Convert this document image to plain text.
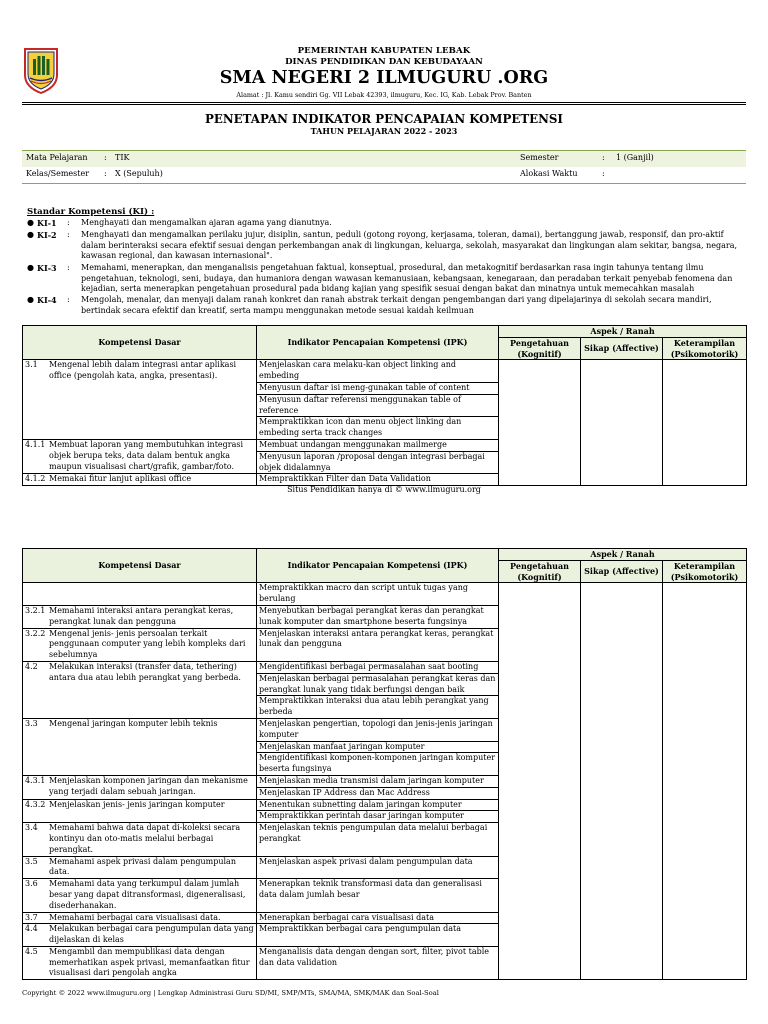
PEMERINTAH KABUPATEN LEBAK
DINAS PENDIDIKAN DAN KEBUDAYAAN
SMA NEGERI 2 ILMUGURU .ORG
Alamat : Jl. Kamu sendiri Gg. VII Lebak 42393, ilmuguru, Kec. IG, Kab. Lebak Prov. Banten
PENETAPAN INDIKATOR PENCAPAIAN KOMPETENSI
TAHUN PELAJARAN 2022 - 2023
Mata Pelajaran : TIK	Semester	: 1 (Ganjil)
Kelas/Semester : X (Sepuluh)	Alokasi Waktu	:
Standar Kompetensi (KI) :
● KI-1 : Menghayati dan mengamalkan ajaran agama yang dianutnya.
● KI-2 : Menghayati dan mengamalkan perilaku jujur, disiplin, santun, peduli (gotong royong, kerjasama, toleran, damai), bertanggung jawab, responsif, dan pro-aktif dalam berinteraksi secara efektif sesuai dengan perkembangan anak di lingkungan, keluarga, sekolah, masyarakat dan lingkungan alam sekitar, bangsa, negara, kawasan regional, dan kawasan internasional".
● KI-3 : Memahami, menerapkan, dan menganalisis pengetahuan faktual, konseptual, prosedural, dan metakognitif berdasarkan rasa ingin tahunya tentang ilmu pengetahuan, teknologi, seni, budaya, dan humaniora dengan wawasan kemanusiaan, kebangsaan, kenegaraan, dan peradaban terkait penyebab fenomena dan kejadian, serta menerapkan pengetahuan prosedural pada bidang kajian yang spesifik sesuai dengan bakat dan minatnya untuk memecahkan masalah
● KI-4 : Mengolah, menalar, dan menyaji dalam ranah konkret dan ranah abstrak terkait dengan pengembangan dari yang dipelajarinya di sekolah secara mandiri, bertindak secara efektif dan kreatif, serta mampu menggunakan metode sesuai kaidah keilmuan
Kompetensi Dasar	Indikator Pencapaian Kompetensi (IPK)	Aspek / Ranah		
		Pengetahuan (Kognitif)	Sikap (Affective)	Keterampilan (Psikomotorik)

3.1 Mengenal lebih dalam integrasi antar aplikasi office (pengolah kata, angka, presentasi).	Menjelaskan cara melaku-kan object linking and embeding			
	Menyusun daftar isi meng-gunakan table of content			
	Menyusun daftar referensi menggunakan table of reference			
	Mempraktikkan icon dan menu object linking dan embeding serta track changes			

4.1.1 Membuat laporan yang membutuhkan integrasi objek berupa teks, data dalam bentuk angka maupun visualisasi chart/grafik, gambar/foto.	Membuat undangan menggunakan mailmerge			
	Menyusun laporan /proposal dengan integrasi berbagai objek didalamnya			

4.1.2 Memakai fitur lanjut aplikasi office	Mempraktikkan Filter dan Data Validation			
Situs Pendidikan hanya di © www.ilmuguru.org
Kompetensi Dasar	Indikator Pencapaian Kompetensi (IPK)	Aspek / Ranah		
		Pengetahuan (Kognitif)	Sikap (Affective)	Keterampilan (Psikomotorik)

	Mempraktikkan macro dan script untuk tugas yang berulang			

3.2.1 Memahami interaksi antara perangkat keras, perangkat lunak dan pengguna	Menyebutkan berbagai perangkat keras dan perangkat lunak komputer dan smartphone beserta fungsinya			

3.2.2 Mengenal jenis- jenis persoalan terkait penggunaan computer yang lebih kompleks dari sebelumnya	Menjelaskan interaksi antara perangkat keras, perangkat lunak dan pengguna			

4.2 Melakukan interaksi (transfer data, tethering) antara dua atau lebih perangkat yang berbeda.	Mengidentifikasi berbagai permasalahan saat booting			
	Menjelaskan berbagai permasalahan perangkat keras dan perangkat lunak yang tidak berfungsi dengan baik			
	Mempraktikkan interaksi dua atau lebih perangkat yang berbeda			

3.3 Mengenal jaringan komputer lebih teknis	Menjelaskan pengertian, topologi dan jenis-jenis jaringan komputer			
	Menjelaskan manfaat jaringan komputer			
	Mengidentifikasi komponen-komponen jaringan komputer beserta fungsinya			

4.3.1 Menjelaskan komponen jaringan dan mekanisme yang terjadi dalam sebuah jaringan.	Menjelaskan media transmisi dalam jaringan komputer			
	Menjelaskan IP Address dan Mac Address			

4.3.2 Menjelaskan jenis- jenis jaringan komputer	Menentukan subnetting dalam jaringan komputer			
	Mempraktikkan perintah dasar jaringan komputer			

3.4 Memahami bahwa data dapat di-koleksi secara kontinyu dan oto-matis melalui berbagai perangkat.	Menjelaskan teknis pengumpulan data melalui berbagai perangkat			

3.5 Memahami aspek privasi dalam pengumpulan data.	Menjelaskan aspek privasi dalam pengumpulan data			

3.6 Memahami data yang terkumpul dalam jumlah besar yang dapat ditransformasi, digeneralisasi, disederhanakan.	Menerapkan teknik transformasi data dan generalisasi data dalam jumlah besar			

3.7 Memahami berbagai cara visualisasi data.	Menerapkan berbagai cara visualisasi data			

4.4 Melakukan berbagai cara pengumpulan data yang dijelaskan di kelas	Mempraktikkan berbagai cara pengumpulan data			

4.5 Mengambil dan mempublikasi data dengan memerhatikan aspek privasi, memanfaatkan fitur visualisasi dari pengolah angka	Menganalisis data dengan dengan sort, filter, pivot table dan data validation			
Copyright © 2022 www.ilmuguru.org | Lengkap Administrasi Guru SD/MI, SMP/MTs, SMA/MA, SMK/MAK dan Soal-Soal
